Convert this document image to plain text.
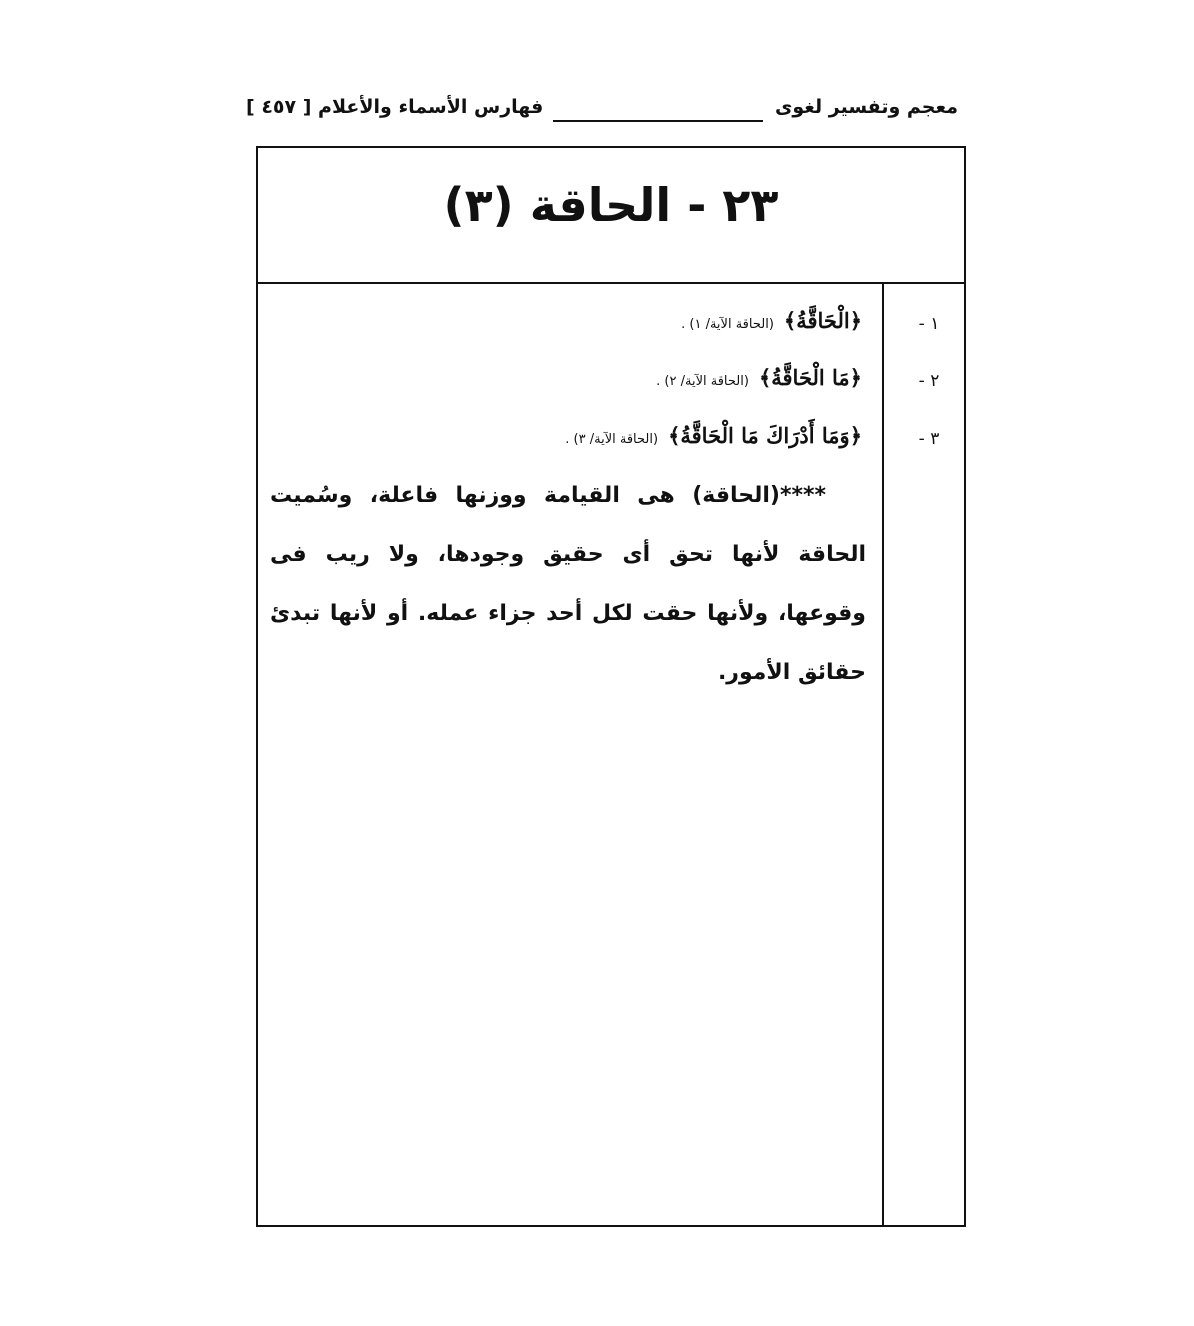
معجم وتفسير لغوى
فهارس الأسماء والأعلام [ ٤٥٧ ]
٢٣ - الحاقة (٣)
١ -
﴿الْحَاقَّةُ﴾(الحاقة الآية/ ١) .
٢ -
﴿مَا الْحَاقَّةُ﴾(الحاقة الآية/ ٢) .
٣ -
﴿وَمَا أَدْرَاكَ مَا الْحَاقَّةُ﴾(الحاقة الآية/ ٣) .
****(الحاقة) هى القيامة ووزنها فاعلة، وسُميت الحاقة لأنها تحق أى حقيق وجودها، ولا ريب فى وقوعها، ولأنها حقت لكل أحد جزاء عمله. أو لأنها تبدئ حقائق الأمور.
